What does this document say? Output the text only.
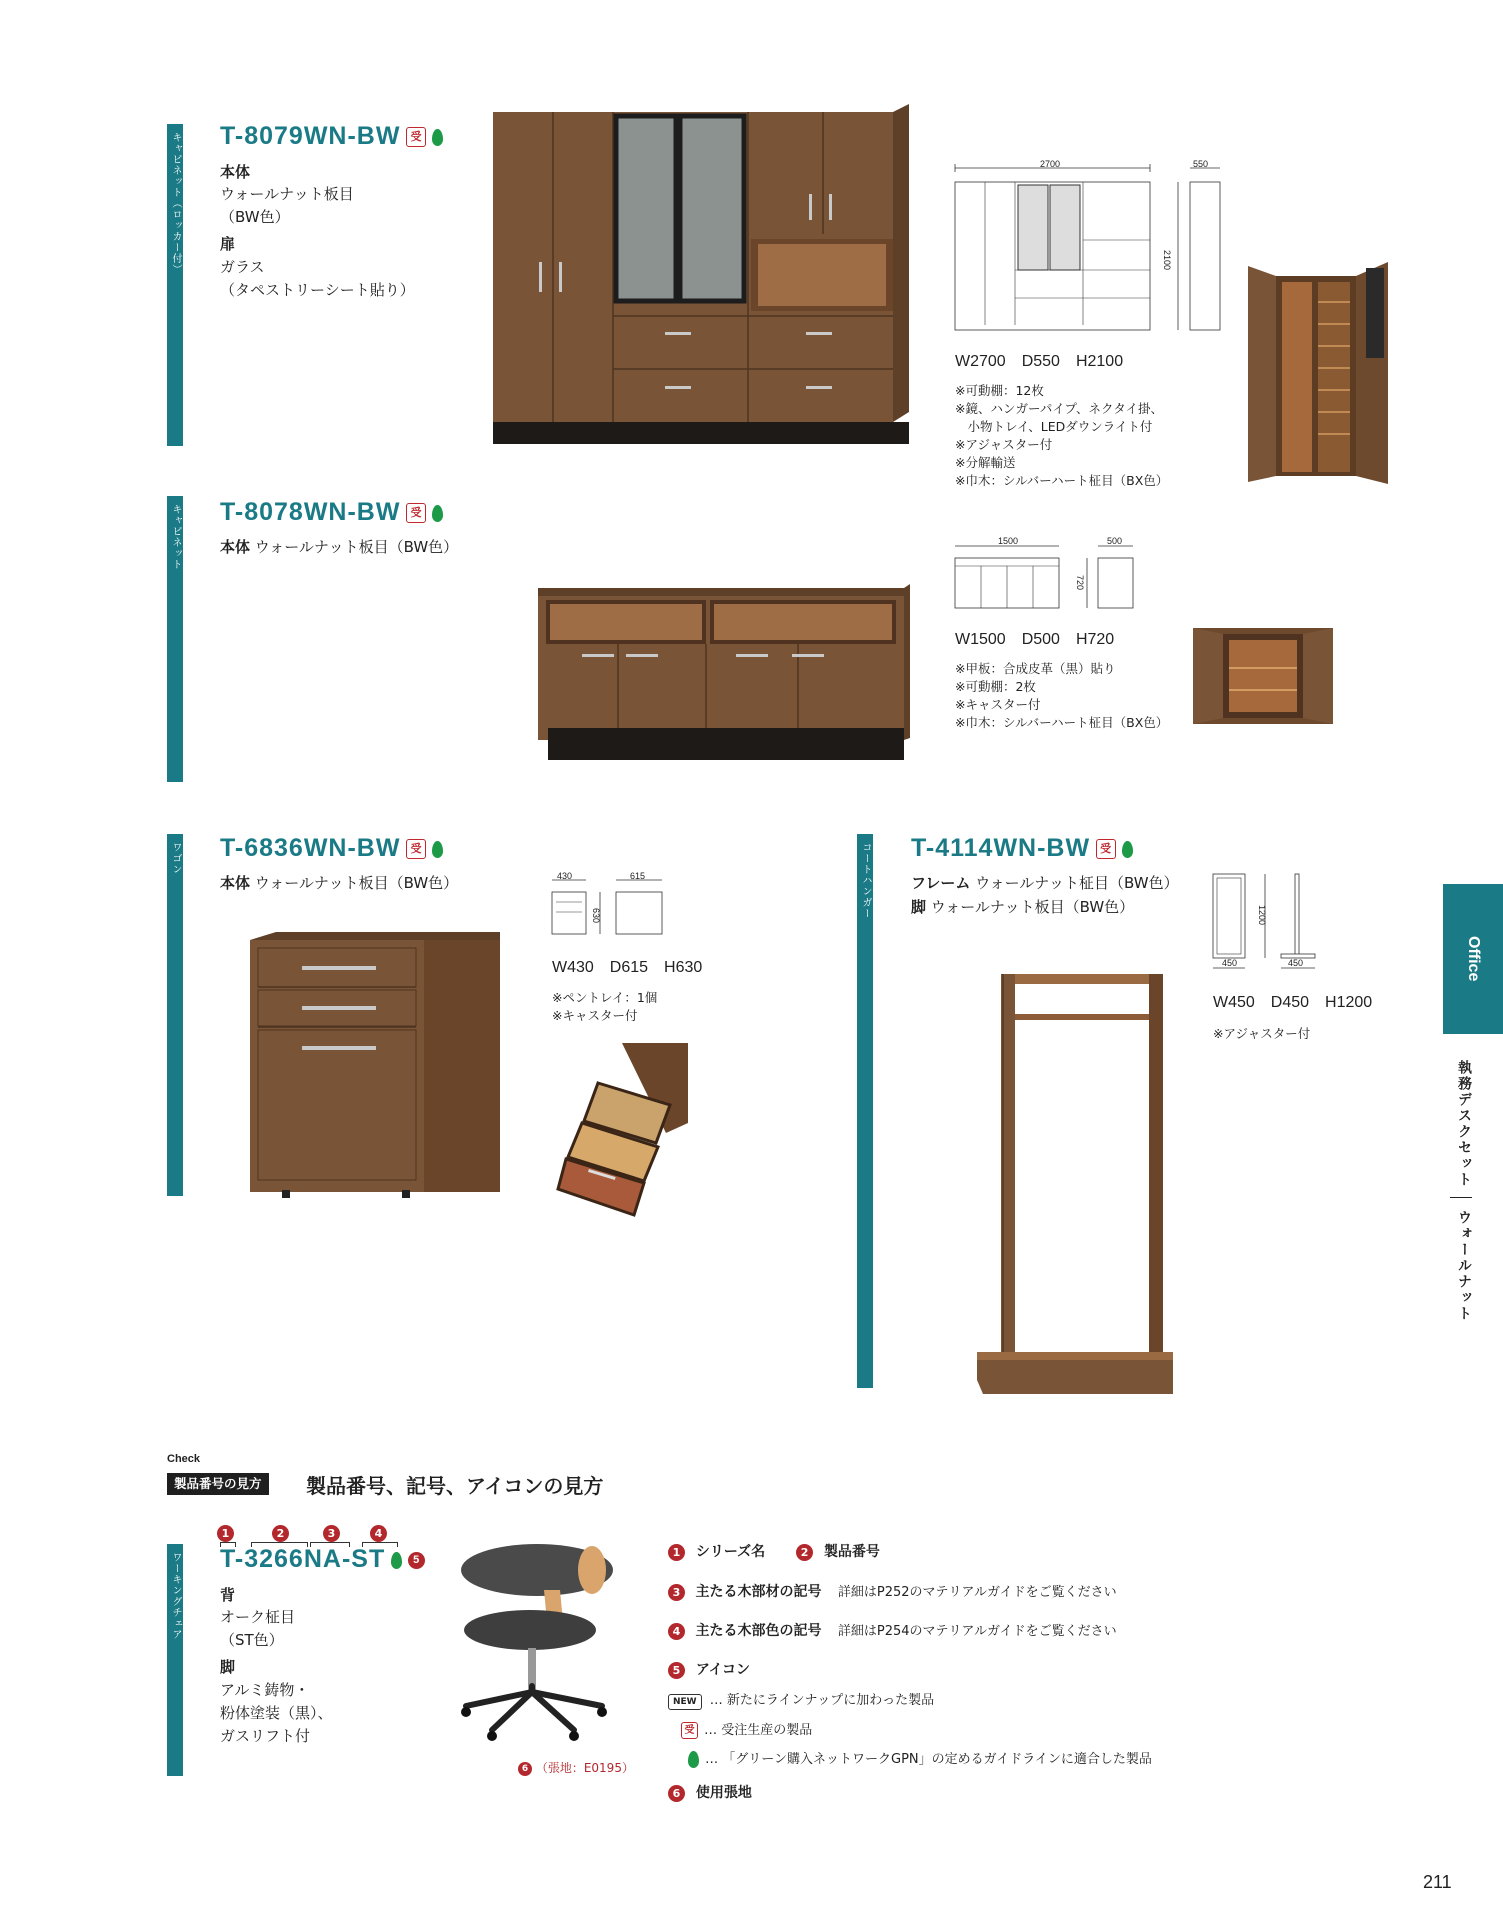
キャビネット（ロッカー付） T-8079WN-BW 受
本体
ウォールナット板目
（BW色）
扉
ガラス
（タペストリーシート貼り）
2700	550
2100
W2700　D550　H2100
※可動棚：12枚
※鏡、ハンガーパイプ、ネクタイ掛、
　小物トレイ、LEDダウンライト付
※アジャスター付
※分解輸送
※巾木：シルバーハート柾目（BX色）
キャビネット T-8078WN-BW 受
本体 ウォールナット板目（BW色）	1500	500
720
W1500　D500　H720
※甲板：合成皮革（黒）貼り
※可動棚：2枚
※キャスター付
※巾木：シルバーハート柾目（BX色）
ワゴン T-6836WN-BW 受
本体 ウォールナット板目（BW色）	430	615
630
W430　D615　H630
※ペントレイ：1個
※キャスター付
コートハンガー T-4114WN-BW 受
フレーム ウォールナット柾目（BW色）
脚 ウォールナット板目（BW色）
450	450
1200
W450　D450　H1200
※アジャスター付
Office
執務デスクセット
ウォールナット
Check
製品番号の見方	製品番号、記号、アイコンの見方
ワーキングチェア
1	2	3	4
T-3266NA-ST	5
背
オーク柾目
（ST色）
脚
アルミ鋳物・
粉体塗装（黒）、
ガスリフト付
6 （張地：E0195）
1 シリーズ名	2 製品番号
3 主たる木部材の記号 詳細はP252のマテリアルガイドをご覧ください
4 主たる木部色の記号 詳細はP254のマテリアルガイドをご覧ください
5 アイコン
NEW … 新たにラインナップに加わった製品
受 … 受注生産の製品
… 「グリーン購入ネットワークGPN」の定めるガイドラインに適合した製品
6 使用張地
211
